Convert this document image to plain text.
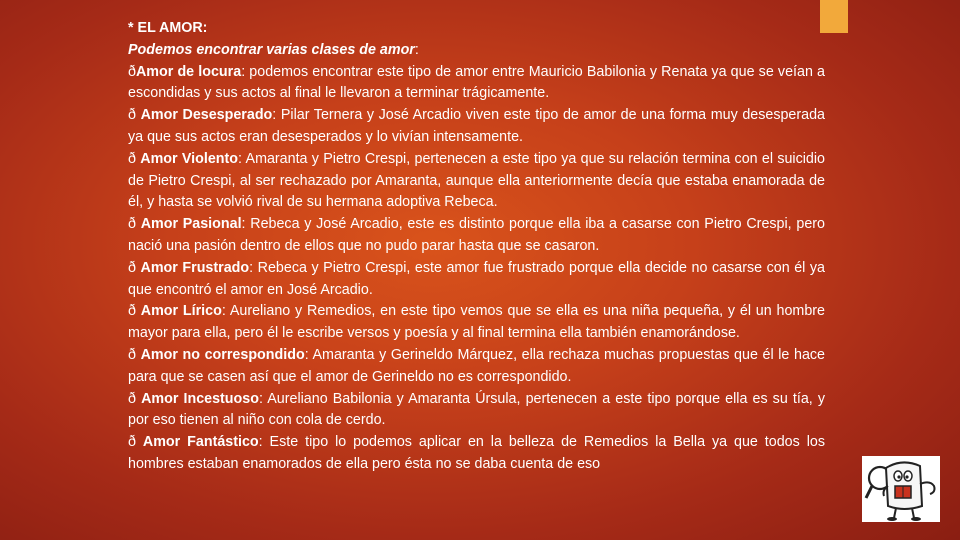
* EL AMOR:

Podemos encontrar varias clases de amor:

ðAmor de locura: podemos encontrar este tipo de amor entre Mauricio Babilonia y Renata ya que se veían a escondidas y sus actos al final le llevaron a terminar trágicamente.

ð Amor Desesperado: Pilar Ternera y José Arcadio viven este tipo de amor de una forma muy desesperada ya que sus actos eran desesperados y lo vivían intensamente.

ð Amor Violento: Amaranta y Pietro Crespi, pertenecen a este tipo ya que su relación termina con el suicidio de Pietro Crespi, al ser rechazado por Amaranta, aunque ella anteriormente decía que estaba enamorada de él, y hasta se volvió rival de su hermana adoptiva Rebeca.

ð Amor Pasional: Rebeca y José Arcadio, este es distinto porque ella iba a casarse con Pietro Crespi, pero nació una pasión dentro de ellos que no pudo parar hasta que se casaron.

ð Amor Frustrado: Rebeca y Pietro Crespi, este amor fue frustrado porque ella decide no casarse con él ya que encontró el amor en José Arcadio.

ð Amor Lírico: Aureliano y Remedios, en este tipo vemos que se ella es una niña pequeña, y él un hombre mayor para ella, pero él le escribe versos y poesía y al final termina ella también enamorándose.

ð Amor no correspondido: Amaranta y Gerineldo Márquez, ella rechaza muchas propuestas que él le hace para que se casen así que el amor de Gerineldo no es correspondido.

ð Amor Incestuoso: Aureliano Babilonia y Amaranta Úrsula, pertenecen a este tipo porque ella es su tía, y por eso tienen al niño con cola de cerdo.

ð Amor Fantástico: Este tipo lo podemos aplicar en la belleza de Remedios la Bella ya que todos los hombres estaban enamorados de ella pero ésta no se daba cuenta de eso
